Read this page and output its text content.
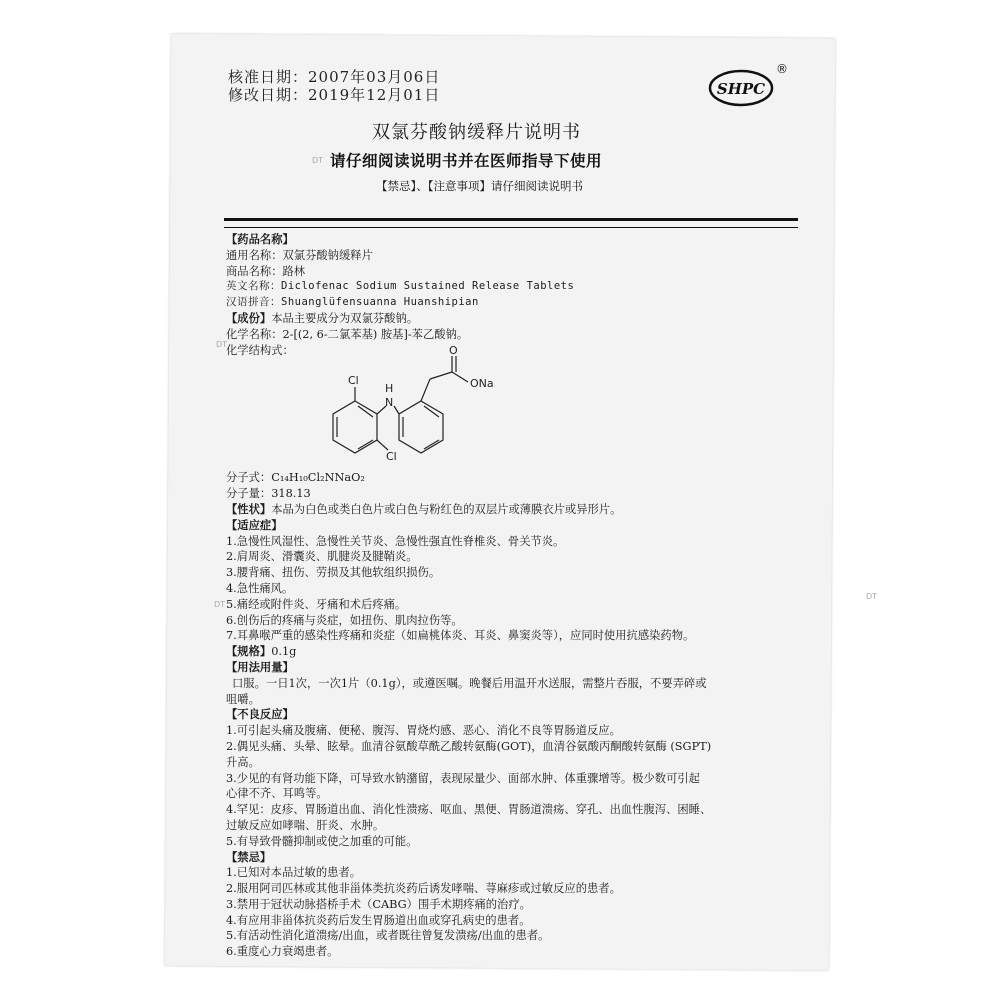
核准日期：2007年03月06日
修改日期：2019年12月01日	SHPC
®
双氯芬酸钠缓释片说明书
请仔细阅读说明书并在医师指导下使用
【禁忌】、【注意事项】请仔细阅读说明书
【药品名称】
通用名称：双氯芬酸钠缓释片
商品名称：路林
英文名称：Diclofenac Sodium Sustained Release Tablets
汉语拼音：Shuanglüfensuanna Huanshipian
【成份】本品主要成分为双氯芬酸钠。
化学名称：2-[(2, 6-二氯苯基) 胺基]-苯乙酸钠。
化学结构式：
Cl
H
N
O
ONa
Cl
分子式：C₁₄H₁₀Cl₂NNaO₂
分子量：318.13
【性状】本品为白色或类白色片或白色与粉红色的双层片或薄膜衣片或异形片。
【适应症】
1.急慢性风湿性、急慢性关节炎、急慢性强直性脊椎炎、骨关节炎。
2.肩周炎、滑囊炎、肌腱炎及腱鞘炎。
3.腰背痛、扭伤、劳损及其他软组织损伤。
4.急性痛风。
5.痛经或附件炎、牙痛和术后疼痛。
6.创伤后的疼痛与炎症，如扭伤、肌肉拉伤等。
7.耳鼻喉严重的感染性疼痛和炎症（如扁桃体炎、耳炎、鼻窦炎等），应同时使用抗感染药物。
【规格】0.1g
【用法用量】
口服。一日1次，一次1片（0.1g），或遵医嘱。晚餐后用温开水送服，需整片吞服，不要弄碎或
咀嚼。
【不良反应】
1.可引起头痛及腹痛、便秘、腹泻、胃烧灼感、恶心、消化不良等胃肠道反应。
2.偶见头痛、头晕、眩晕。血清谷氨酸草酰乙酸转氨酶(GOT)，血清谷氨酸丙酮酸转氨酶 (SGPT)
升高。
3.少见的有肾功能下降，可导致水钠潴留，表现尿量少、面部水肿、体重骤增等。极少数可引起
心律不齐、耳鸣等。
4.罕见：皮疹、胃肠道出血、消化性溃疡、呕血、黑便、胃肠道溃疡、穿孔、出血性腹泻、困睡、
过敏反应如哮喘、肝炎、水肿。
5.有导致骨髓抑制或使之加重的可能。
【禁忌】
1.已知对本品过敏的患者。
2.服用阿司匹林或其他非甾体类抗炎药后诱发哮喘、荨麻疹或过敏反应的患者。
3.禁用于冠状动脉搭桥手术（CABG）围手术期疼痛的治疗。
4.有应用非甾体抗炎药后发生胃肠道出血或穿孔病史的患者。
5.有活动性消化道溃疡/出血，或者既往曾复发溃疡/出血的患者。
6.重度心力衰竭患者。
DT
DT
DT
DT
